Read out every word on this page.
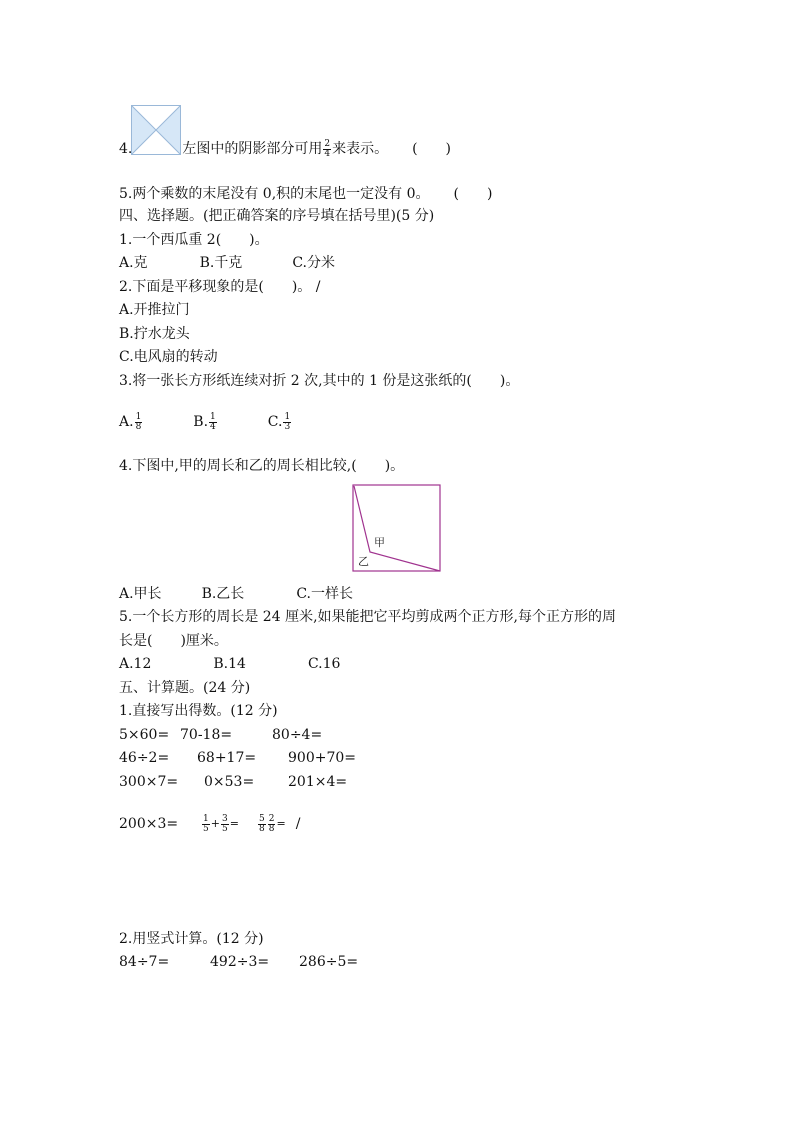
4.	左图中的阴影部分可用 $\frac{2}{4}$ 来表示。 (　　)
5.两个乘数的末尾没有 0,积的末尾也一定没有 0。 (　　)
四、选择题。(把正确答案的序号填在括号里)(5 分)
1.一个西瓜重 2(　　)。
A.克	B.千克	C.分米
2.下面是平移现象的是(　　)。 /
A.开推拉门
B.拧水龙头
C.电风扇的转动
3.将一张长方形纸连续对折 2 次,其中的 1 份是这张纸的(　　)。
A. $\frac{1}{8}$	B. $\frac{1}{4}$	C. $\frac{1}{3}$
4.下图中,甲的周长和乙的周长相比较,(　　)。
甲
乙
A.甲长	B.乙长	C.一样长
5.一个长方形的周长是 24 厘米,如果能把它平均剪成两个正方形,每个正方形的周
长是(　　)厘米。
A.12	B.14	C.16
五、计算题。(24 分)
1.直接写出得数。(12 分)
5×60= 70-18=	80÷4=
46÷2= 68+17= 900+70=
300×7= 0×53= 201×4=
200×3=	$\frac{1}{5} + \frac{3}{5} = \frac{5}{8} \frac{2}{8}$ = /
2.用竖式计算。(12 分)
84÷7=	492÷3= 286÷5=
